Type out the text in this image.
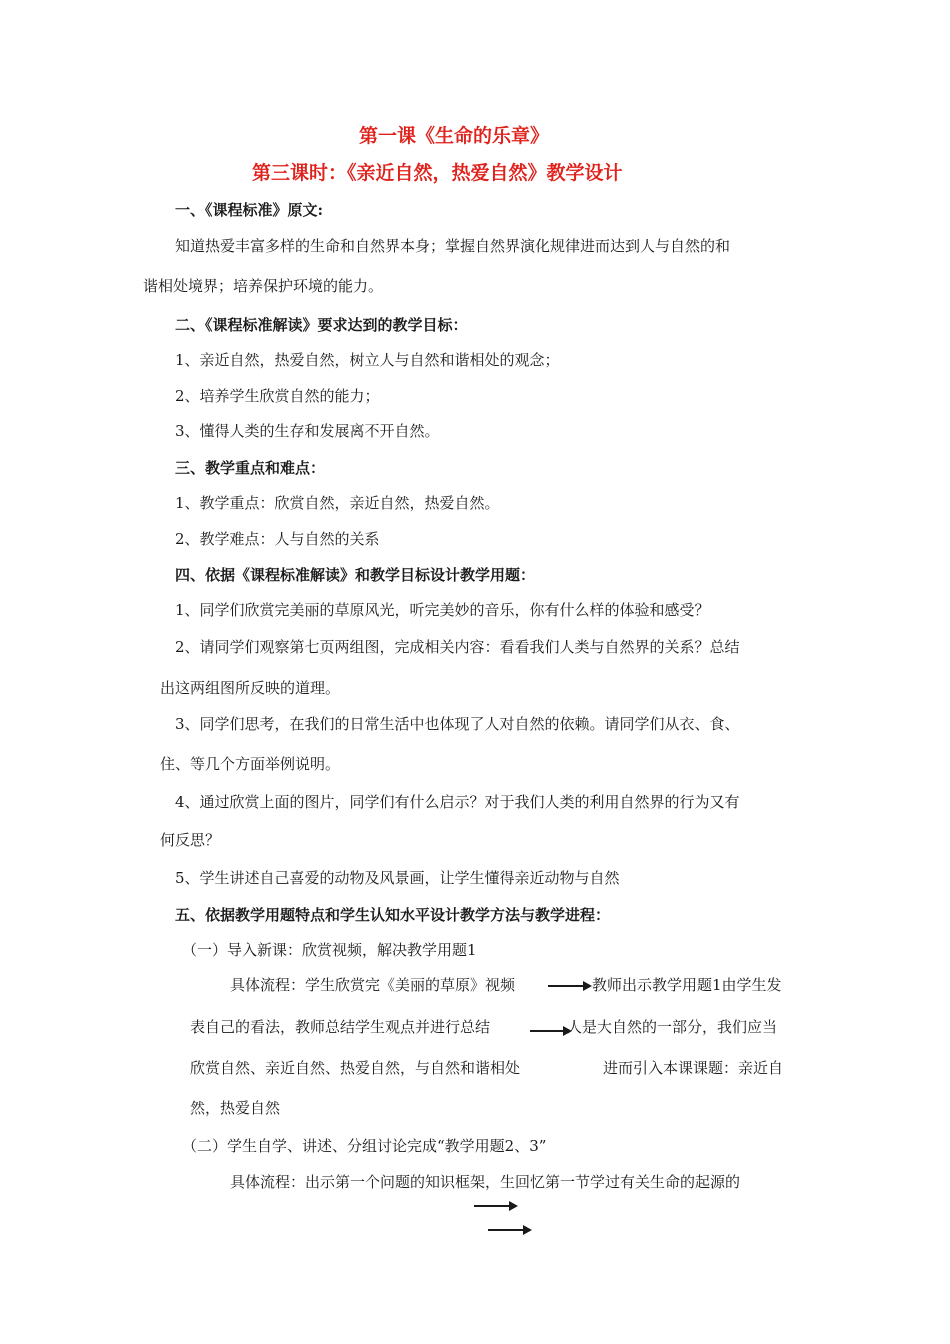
第一课《生命的乐章》
第三课时：《亲近自然，热爱自然》教学设计
一、《课程标准》原文:
知道热爱丰富多样的生命和自然界本身；掌握自然界演化规律进而达到人与自然的和
谐相处境界；培养保护环境的能力。
二、《课程标准解读》要求达到的教学目标：
1、亲近自然，热爱自然，树立人与自然和谐相处的观念；
2、培养学生欣赏自然的能力；
3、懂得人类的生存和发展离不开自然。
三、教学重点和难点：
1、教学重点：欣赏自然，亲近自然，热爱自然。
2、教学难点：人与自然的关系
四、依据《课程标准解读》和教学目标设计教学用题：
1、同学们欣赏完美丽的草原风光，听完美妙的音乐，你有什么样的体验和感受？
2、请同学们观察第七页两组图，完成相关内容：看看我们人类与自然界的关系？总结
出这两组图所反映的道理。
3、同学们思考，在我们的日常生活中也体现了人对自然的依赖。请同学们从衣、食、
住、等几个方面举例说明。
4、通过欣赏上面的图片，同学们有什么启示？对于我们人类的利用自然界的行为又有
何反思？
5、学生讲述自己喜爱的动物及风景画，让学生懂得亲近动物与自然
五、依据教学用题特点和学生认知水平设计教学方法与教学进程：
（一）导入新课：欣赏视频，解决教学用题1
具体流程：学生欣赏完《美丽的草原》视频	教师出示教学用题1由学生发
表自己的看法，教师总结学生观点并进行总结	人是大自然的一部分，我们应当
欣赏自然、亲近自然、热爱自然，与自然和谐相处	进而引入本课课题：亲近自
然，热爱自然
（二）学生自学、讲述、分组讨论完成“教学用题2、3”
具体流程：出示第一个问题的知识框架，生回忆第一节学过有关生命的起源的
